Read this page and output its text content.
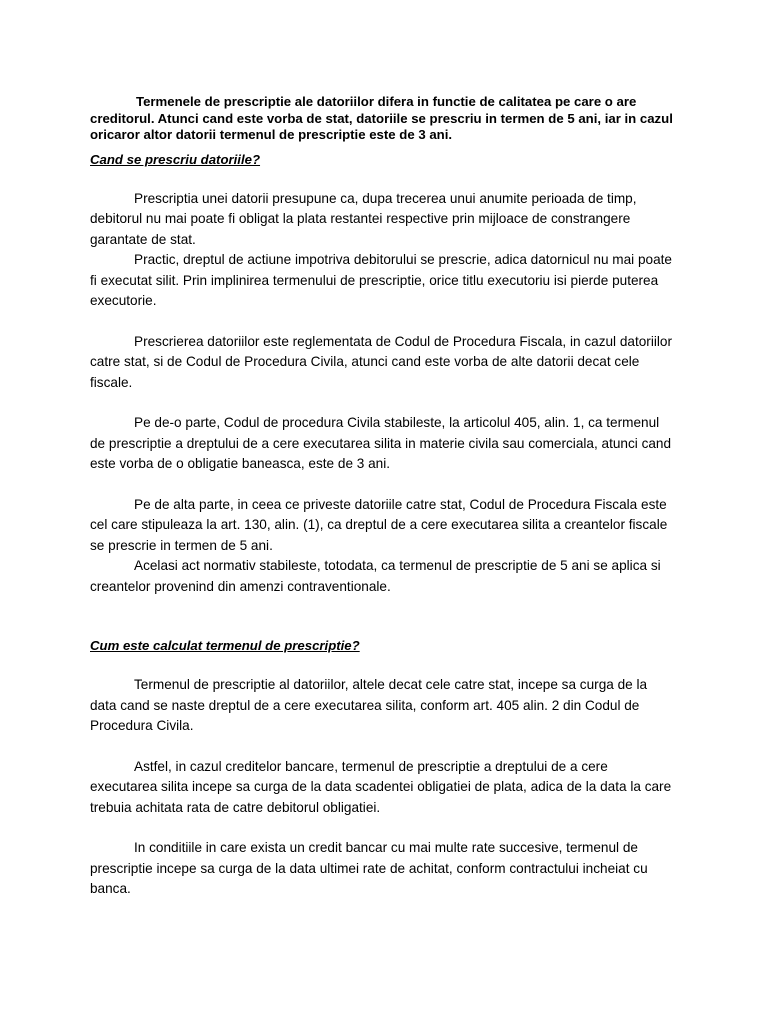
Termenele de prescriptie ale datoriilor difera in functie de calitatea pe care o are creditorul. Atunci cand este vorba de stat, datoriile se prescriu in termen de 5 ani, iar in cazul oricaror altor datorii termenul de prescriptie este de 3 ani.

Cand se prescriu datoriile?

Prescriptia unei datorii presupune ca, dupa trecerea unui anumite perioada de timp, debitorul nu mai poate fi obligat la plata restantei respective prin mijloace de constrangere garantate de stat.

Practic, dreptul de actiune impotriva debitorului se prescrie, adica datornicul nu mai poate fi executat silit. Prin implinirea termenului de prescriptie, orice titlu executoriu isi pierde puterea executorie.

Prescrierea datoriilor este reglementata de Codul de Procedura Fiscala, in cazul datoriilor catre stat, si de Codul de Procedura Civila, atunci cand este vorba de alte datorii decat cele fiscale.

Pe de-o parte, Codul de procedura Civila stabileste, la articolul 405, alin. 1, ca termenul de prescriptie a dreptului de a cere executarea silita in materie civila sau comerciala, atunci cand este vorba de o obligatie baneasca, este de 3 ani.

Pe de alta parte, in ceea ce priveste datoriile catre stat, Codul de Procedura Fiscala este cel care stipuleaza la art. 130, alin. (1), ca dreptul de a cere executarea silita a creantelor fiscale se prescrie in termen de 5 ani.

Acelasi act normativ stabileste, totodata, ca termenul de prescriptie de 5 ani se aplica si creantelor provenind din amenzi contraventionale.

Cum este calculat termenul de prescriptie?

Termenul de prescriptie al datoriilor, altele decat cele catre stat, incepe sa curga de la data cand se naste dreptul de a cere executarea silita, conform art. 405 alin. 2 din Codul de Procedura Civila.

Astfel, in cazul creditelor bancare, termenul de prescriptie a dreptului de a cere executarea silita incepe sa curga de la data scadentei obligatiei de plata, adica de la data la care trebuia achitata rata de catre debitorul obligatiei.

In conditiile in care exista un credit bancar cu mai multe rate succesive, termenul de prescriptie incepe sa curga de la data ultimei rate de achitat, conform contractului incheiat cu banca.
